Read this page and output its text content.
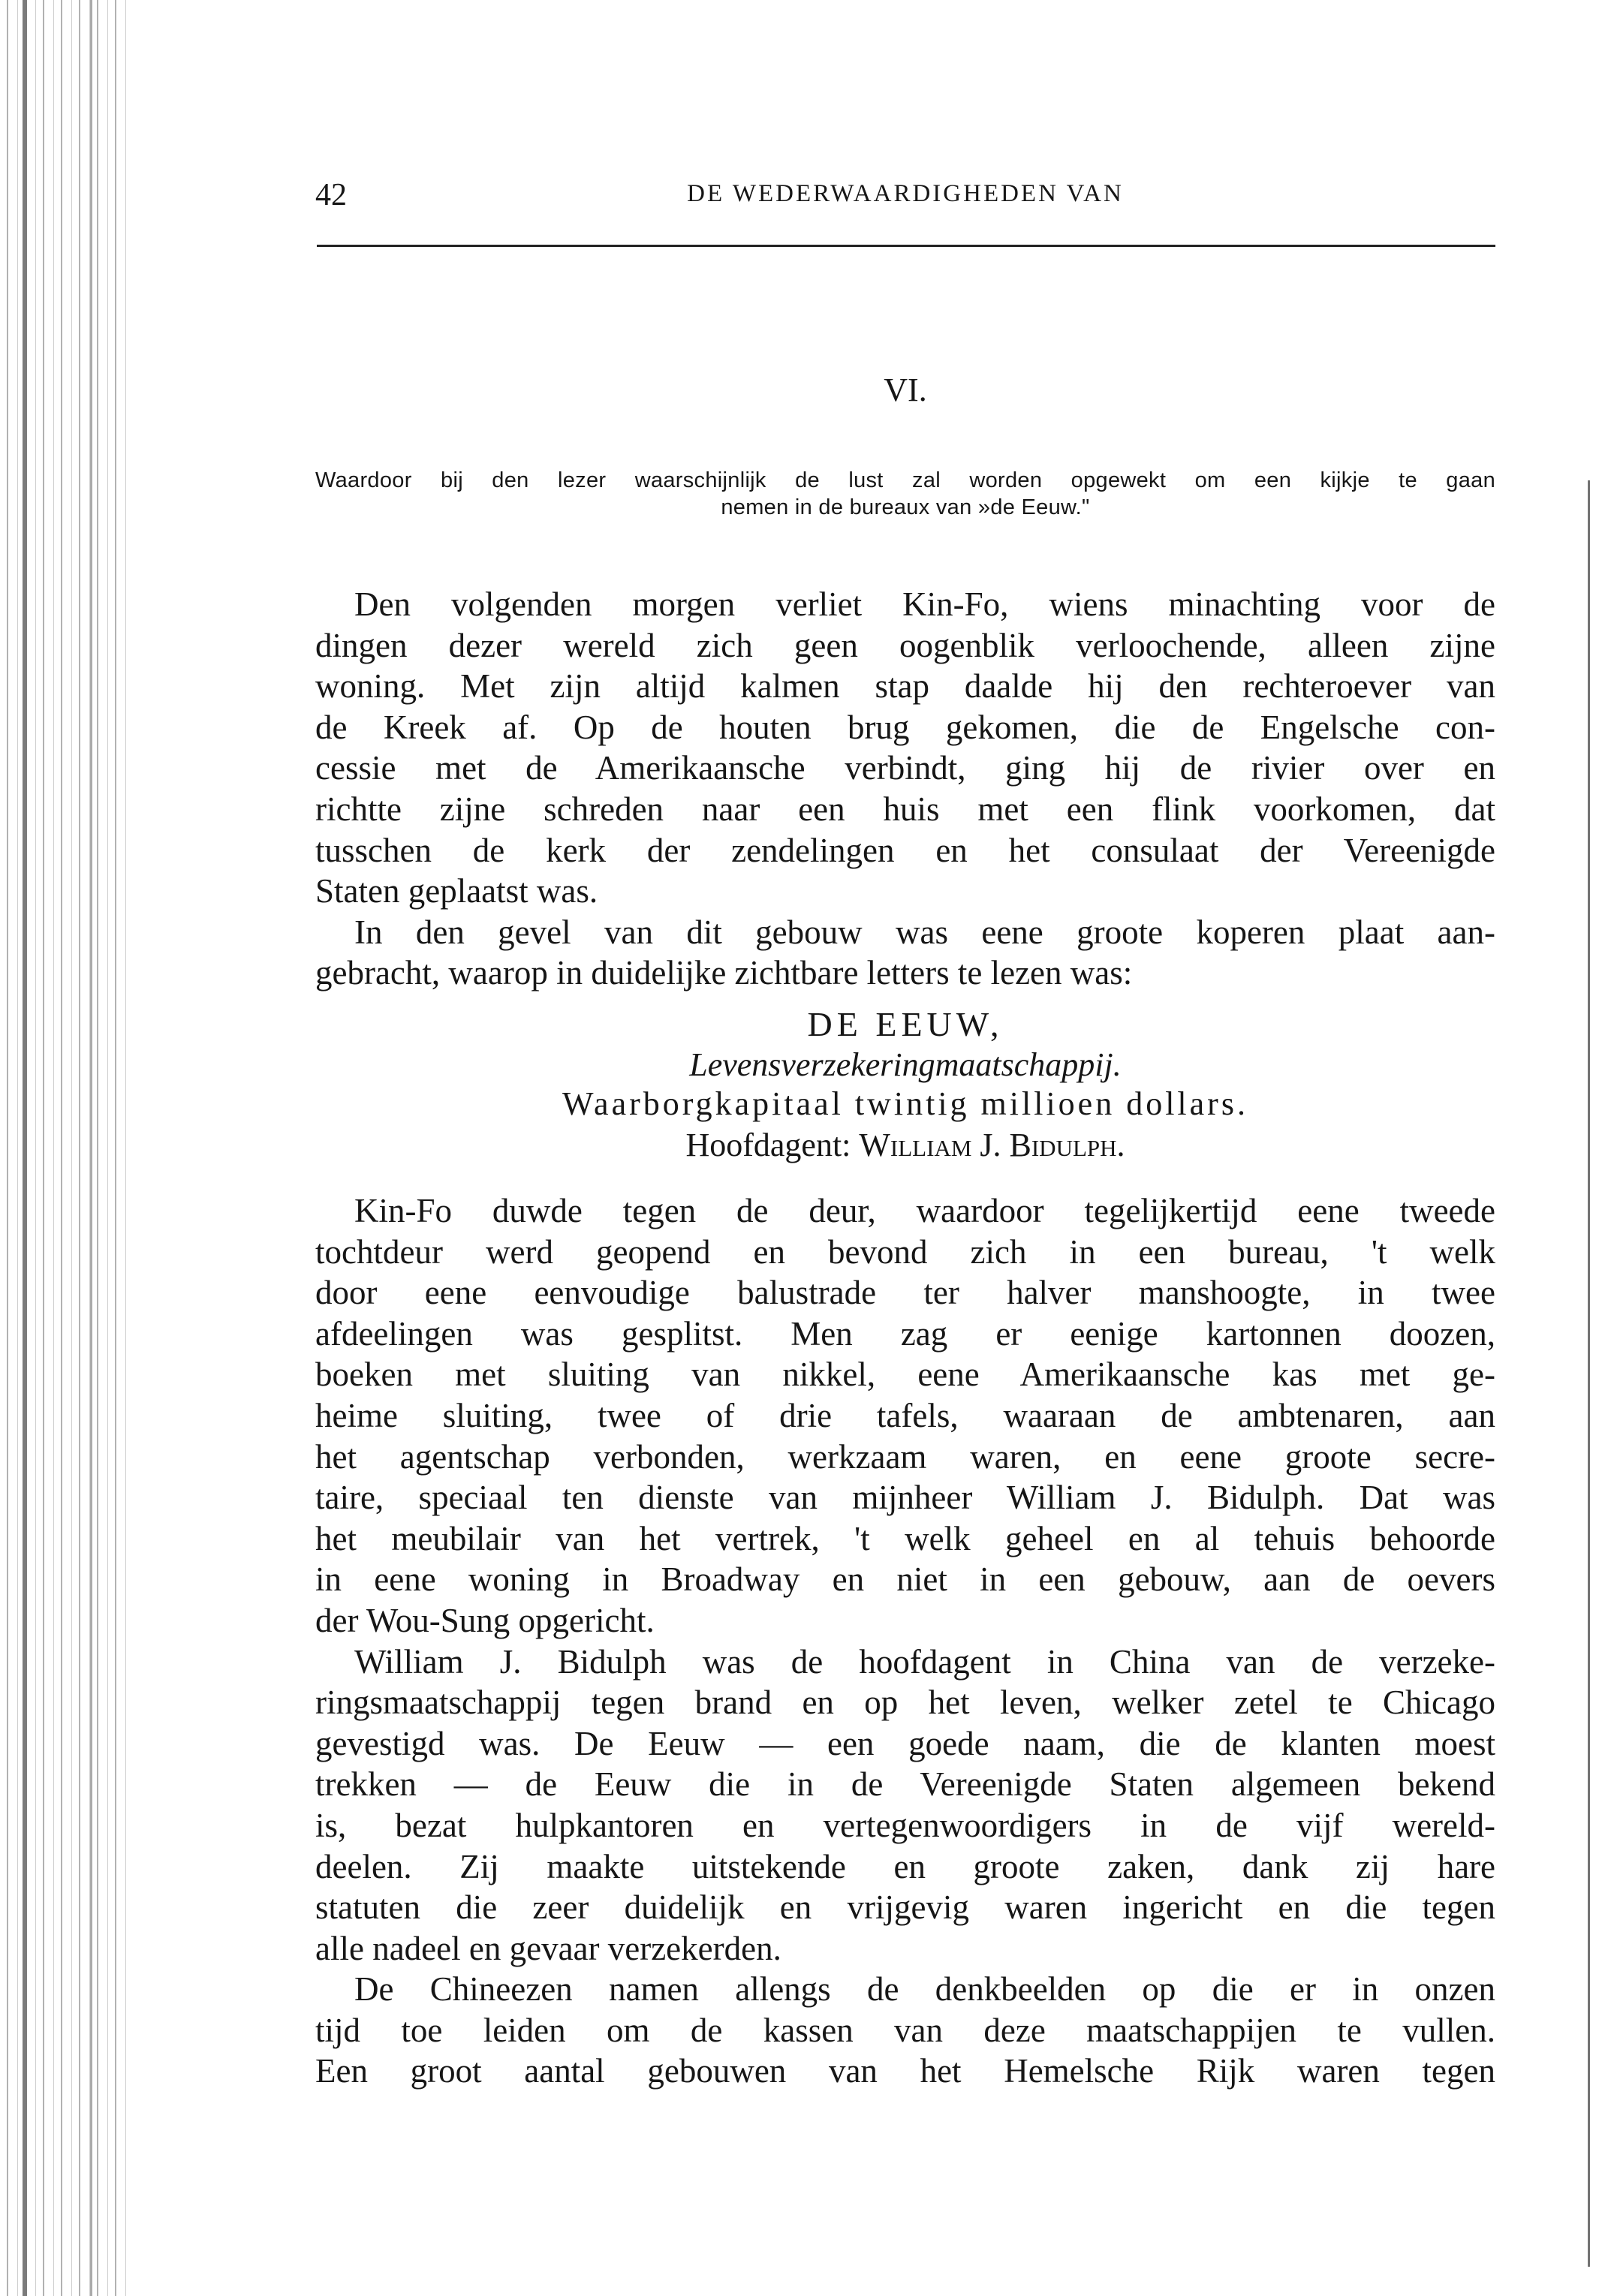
42	DE WEDERWAARDIGHEDEN VAN
VI.
Waardoor bij den lezer waarschijnlijk de lust zal worden opgewekt om een kijkje te gaan
nemen in de bureaux van »de Eeuw."
Den volgenden morgen verliet Kin-Fo, wiens minachting voor de
dingen dezer wereld zich geen oogenblik verloochende, alleen zijne
woning. Met zijn altijd kalmen stap daalde hij den rechteroever van
de Kreek af. Op de houten brug gekomen, die de Engelsche con-
cessie met de Amerikaansche verbindt, ging hij de rivier over en
richtte zijne schreden naar een huis met een flink voorkomen, dat
tusschen de kerk der zendelingen en het consulaat der Vereenigde
Staten geplaatst was.
In den gevel van dit gebouw was eene groote koperen plaat aan-
gebracht, waarop in duidelijke zichtbare letters te lezen was:
DE EEUW,
Levensverzekeringmaatschappij.
Waarborgkapitaal twintig millioen dollars.
Hoofdagent: William J. Bidulph.
Kin-Fo duwde tegen de deur, waardoor tegelijkertijd eene tweede
tochtdeur werd geopend en bevond zich in een bureau, 't welk
door eene eenvoudige balustrade ter halver manshoogte, in twee
afdeelingen was gesplitst. Men zag er eenige kartonnen doozen,
boeken met sluiting van nikkel, eene Amerikaansche kas met ge-
heime sluiting, twee of drie tafels, waaraan de ambtenaren, aan
het agentschap verbonden, werkzaam waren, en eene groote secre-
taire, speciaal ten dienste van mijnheer William J. Bidulph. Dat was
het meubilair van het vertrek, 't welk geheel en al tehuis behoorde
in eene woning in Broadway en niet in een gebouw, aan de oevers
der Wou-Sung opgericht.
William J. Bidulph was de hoofdagent in China van de verzeke-
ringsmaatschappij tegen brand en op het leven, welker zetel te Chicago
gevestigd was. De Eeuw — een goede naam, die de klanten moest
trekken — de Eeuw die in de Vereenigde Staten algemeen bekend
is, bezat hulpkantoren en vertegenwoordigers in de vijf wereld-
deelen. Zij maakte uitstekende en groote zaken, dank zij hare
statuten die zeer duidelijk en vrijgevig waren ingericht en die tegen
alle nadeel en gevaar verzekerden.
De Chineezen namen allengs de denkbeelden op die er in onzen
tijd toe leiden om de kassen van deze maatschappijen te vullen.
Een groot aantal gebouwen van het Hemelsche Rijk waren tegen
